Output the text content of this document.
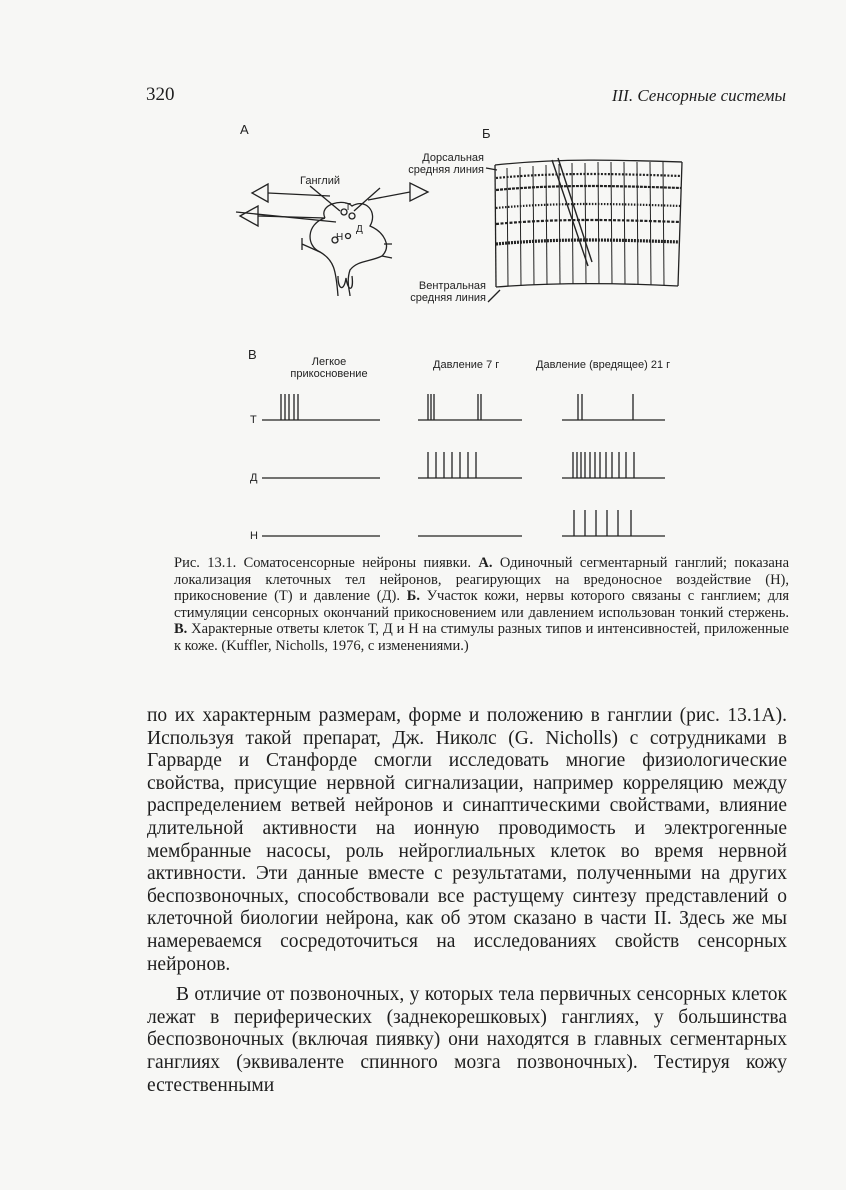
320	III. Сенсорные системы
А
Ганглий
Т
Д
Н
Б
Дорсальная
средняя линия
Вентральная
средняя линия
В	Легкое
прикосновение
Давление 7 г	Давление (вредящее) 21 г
Т
Д
Н
Рис. 13.1. Соматосенсорные нейроны пиявки. А. Одиночный сегментарный ганглий; показана локализация клеточных тел нейронов, реагирующих на вредоносное воздействие (Н), прикосновение (Т) и давление (Д). Б. Участок кожи, нервы которого связаны с ганглием; для стимуляции сенсорных окончаний прикосновением или давлением использован тонкий стержень. В. Характерные ответы клеток Т, Д и Н на стимулы разных типов и интенсивностей, приложенные к коже. (Kuffler, Nicholls, 1976, с изменениями.)

по их характерным размерам, форме и положению в ганглии (рис. 13.1А). Используя такой препарат, Дж. Николс (G. Nicholls) с сотрудниками в Гарварде и Станфорде смогли исследовать многие физиологические свойства, присущие нервной сигнализации, например корреляцию между распределением ветвей нейронов и синаптическими свойствами, влияние длительной активности на ионную проводимость и электрогенные мембранные насосы, роль нейроглиальных клеток во время нервной активности. Эти данные вместе с результатами, полученными на других беспозвоночных, способствовали все растущему синтезу представлений о клеточной биологии нейрона, как об этом сказано в части II. Здесь же мы намереваемся сосредоточиться на исследованиях свойств сенсорных нейронов.

В отличие от позвоночных, у которых тела первичных сенсорных клеток лежат в периферических (заднекорешковых) ганглиях, у большинства беспозвоночных (включая пиявку) они находятся в главных сегментарных ганглиях (эквиваленте спинного мозга позвоночных). Тестируя кожу естественными
